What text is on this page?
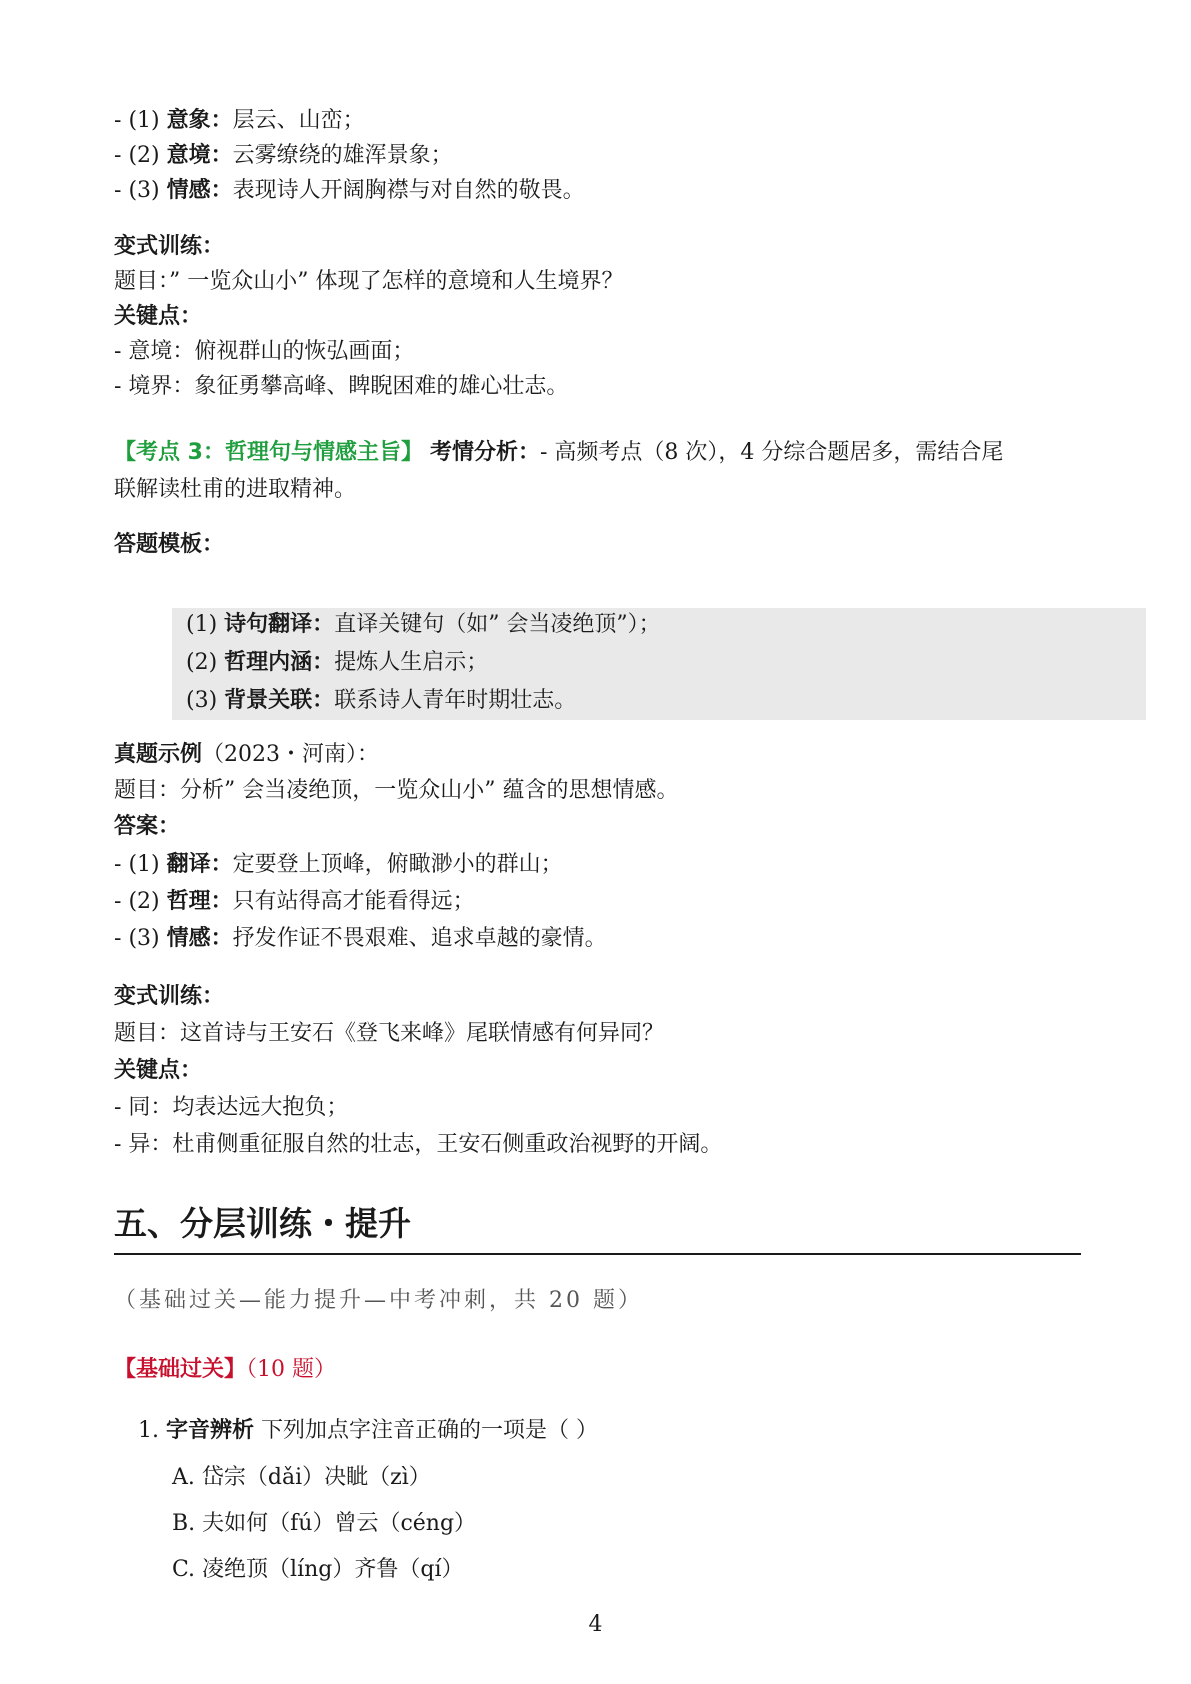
- (1) 意象：层云、山峦；
- (2) 意境：云雾缭绕的雄浑景象；
- (3) 情感：表现诗人开阔胸襟与对自然的敬畏。
变式训练：
题目：” 一览众山小” 体现了怎样的意境和人生境界？
关键点：
- 意境：俯视群山的恢弘画面；
- 境界：象征勇攀高峰、睥睨困难的雄心壮志。
【考点 3：哲理句与情感主旨】 考情分析：- 高频考点（8 次），4 分综合题居多，需结合尾
联解读杜甫的进取精神。
答题模板：
(1) 诗句翻译：直译关键句（如” 会当凌绝顶”）；
(2) 哲理内涵：提炼人生启示；
(3) 背景关联：联系诗人青年时期壮志。
真题示例（2023・河南）：
题目：分析” 会当凌绝顶，一览众山小” 蕴含的思想情感。
答案：
- (1) 翻译：定要登上顶峰，俯瞰渺小的群山；
- (2) 哲理：只有站得高才能看得远；
- (3) 情感：抒发作证不畏艰难、追求卓越的豪情。
变式训练：
题目：这首诗与王安石《登飞来峰》尾联情感有何异同？
关键点：
- 同：均表达远大抱负；
- 异：杜甫侧重征服自然的壮志，王安石侧重政治视野的开阔。
五、分层训练・提升
（基础过关—能力提升—中考冲刺，共 20 题）
【基础过关】（10 题）
1. 字音辨析 下列加点字注音正确的一项是（ ）
A. 岱宗（dǎi）决眦（zì）
B. 夫如何（fú）曾云（céng）
C. 凌绝顶（líng）齐鲁（qí）
4
